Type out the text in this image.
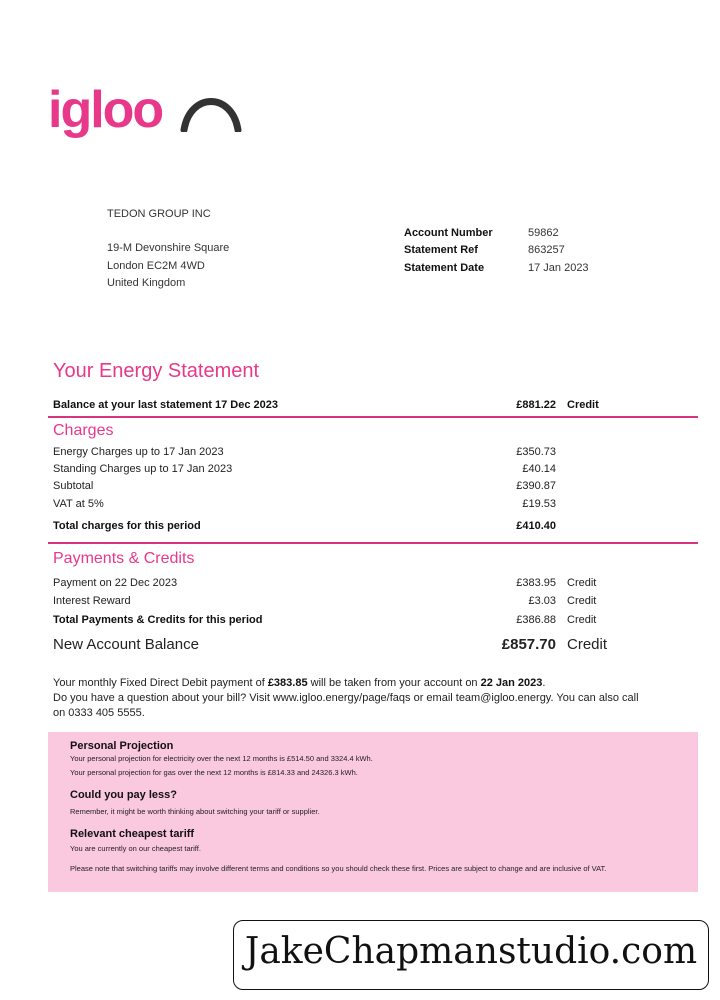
igloo
TEDON GROUP INC
19-M Devonshire Square
London EC2M 4WD
United Kingdom
Account Number	59862
Statement Ref	863257
Statement Date	17 Jan 2023
Your Energy Statement
Balance at your last statement 17 Dec 2023	£881.22 Credit
Charges
Energy Charges up to 17 Jan 2023	£350.73
Standing Charges up to 17 Jan 2023	£40.14
Subtotal	£390.87
VAT at 5%	£19.53
Total charges for this period	£410.40
Payments & Credits
Payment on 22 Dec 2023	£383.95 Credit
Interest Reward	£3.03 Credit
Total Payments & Credits for this period	£386.88 Credit
New Account Balance	£857.70 Credit
Your monthly Fixed Direct Debit payment of £383.85 will be taken from your account on 22 Jan 2023.
Do you have a question about your bill? Visit www.igloo.energy/page/faqs or email team@igloo.energy. You can also call on 0333 405 5555.
Personal Projection
Your personal projection for electricity over the next 12 months is £514.50 and 3324.4 kWh.
Your personal projection for gas over the next 12 months is £814.33 and 24326.3 kWh.
Could you pay less?
Remember, it might be worth thinking about switching your tariff or supplier.
Relevant cheapest tariff
You are currently on our cheapest tariff.
Please note that switching tariffs may involve different terms and conditions so you should check these first. Prices are subject to change and are inclusive of VAT.
JakeChapmanstudio.com
